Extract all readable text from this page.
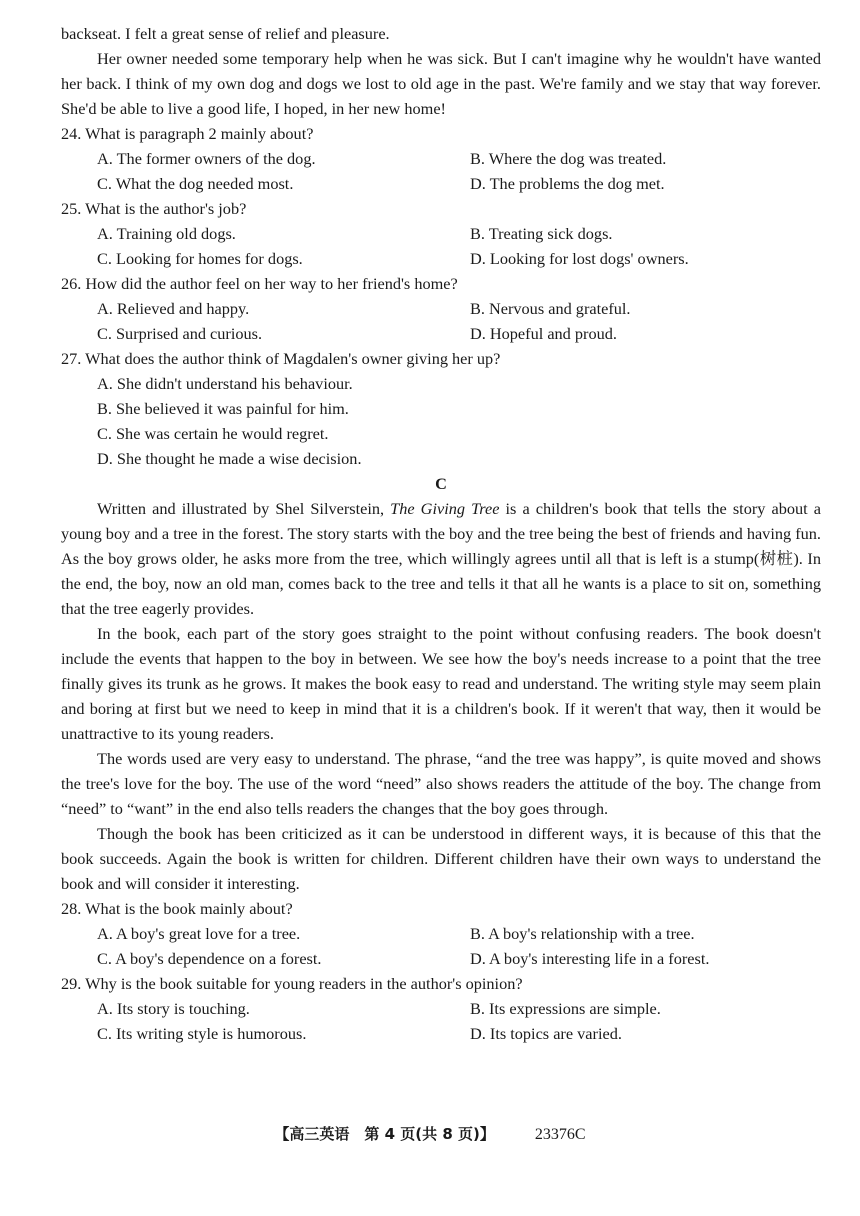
backseat. I felt a great sense of relief and pleasure.

Her owner needed some temporary help when he was sick. But I can't imagine why he wouldn't have wanted her back. I think of my own dog and dogs we lost to old age in the past. We're family and we stay that way forever. She'd be able to live a good life, I hoped, in her new home!

24. What is paragraph 2 mainly about?
A. The former owners of the dog.	B. Where the dog was treated.
C. What the dog needed most.	D. The problems the dog met.
25. What is the author's job?
A. Training old dogs.	B. Treating sick dogs.
C. Looking for homes for dogs.	D. Looking for lost dogs' owners.
26. How did the author feel on her way to her friend's home?
A. Relieved and happy.	B. Nervous and grateful.
C. Surprised and curious.	D. Hopeful and proud.
27. What does the author think of Magdalen's owner giving her up?
A. She didn't understand his behaviour.
B. She believed it was painful for him.
C. She was certain he would regret.
D. She thought he made a wise decision.
C

Written and illustrated by Shel Silverstein, The Giving Tree is a children's book that tells the story about a young boy and a tree in the forest. The story starts with the boy and the tree being the best of friends and having fun. As the boy grows older, he asks more from the tree, which willingly agrees until all that is left is a stump(树桩). In the end, the boy, now an old man, comes back to the tree and tells it that all he wants is a place to sit on, something that the tree eagerly provides.

In the book, each part of the story goes straight to the point without confusing readers. The book doesn't include the events that happen to the boy in between. We see how the boy's needs increase to a point that the tree finally gives its trunk as he grows. It makes the book easy to read and understand. The writing style may seem plain and boring at first but we need to keep in mind that it is a children's book. If it weren't that way, then it would be unattractive to its young readers.

The words used are very easy to understand. The phrase, “and the tree was happy”, is quite moved and shows the tree's love for the boy. The use of the word “need” also shows readers the attitude of the boy. The change from “need” to “want” in the end also tells readers the changes that the boy goes through.

Though the book has been criticized as it can be understood in different ways, it is because of this that the book succeeds. Again the book is written for children. Different children have their own ways to understand the book and will consider it interesting.

28. What is the book mainly about?
A. A boy's great love for a tree.	B. A boy's relationship with a tree.
C. A boy's dependence on a forest.	D. A boy's interesting life in a forest.
29. Why is the book suitable for young readers in the author's opinion?
A. Its story is touching.	B. Its expressions are simple.
C. Its writing style is humorous.	D. Its topics are varied.
【高三英语　第 4 页(共 8 页)】	23376C
